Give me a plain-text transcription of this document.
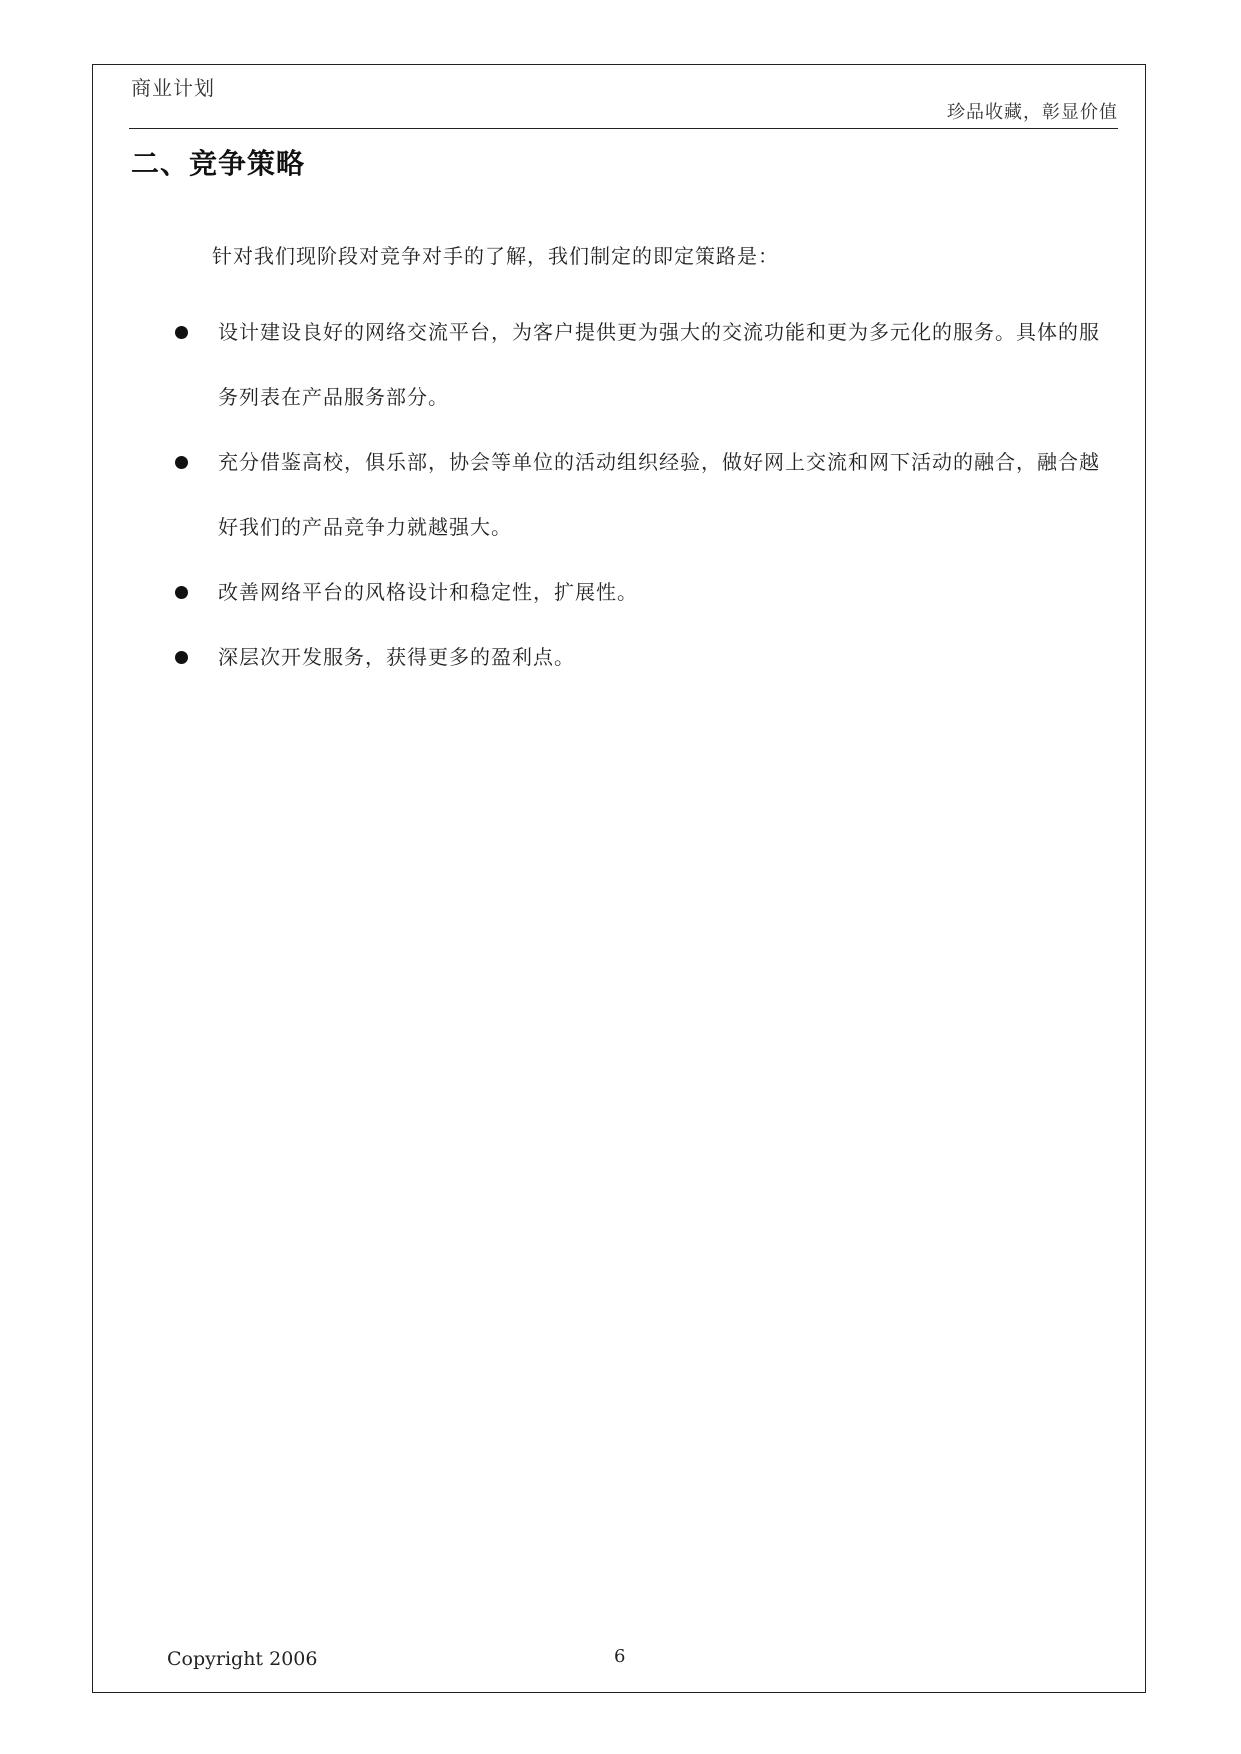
商业计划
珍品收藏，彰显价值
二、竞争策略

针对我们现阶段对竞争对手的了解，我们制定的即定策路是：

设计建设良好的网络交流平台，为客户提供更为强大的交流功能和更为多元化的服务。具体的服务列表在产品服务部分。
充分借鉴高校，俱乐部，协会等单位的活动组织经验，做好网上交流和网下活动的融合，融合越好我们的产品竞争力就越强大。
改善网络平台的风格设计和稳定性，扩展性。
深层次开发服务，获得更多的盈利点。
Copyright 2006	6
